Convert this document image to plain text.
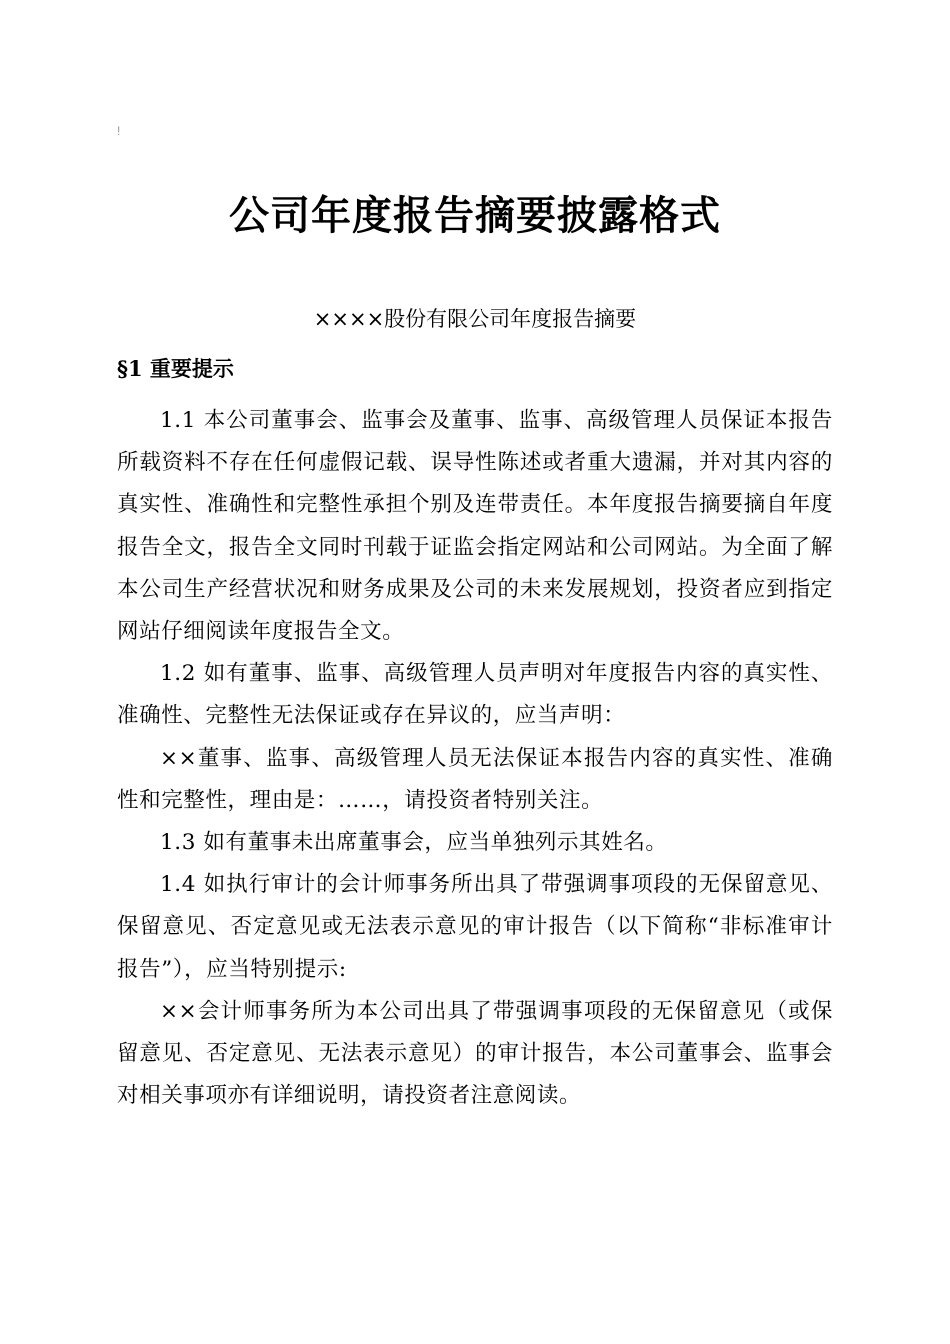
!
公司年度报告摘要披露格式
××××股份有限公司年度报告摘要
§1 重要提示

1.1 本公司董事会、监事会及董事、监事、高级管理人员保证本报告所载资料不存在任何虚假记载、误导性陈述或者重大遗漏，并对其内容的真实性、准确性和完整性承担个别及连带责任。本年度报告摘要摘自年度报告全文，报告全文同时刊载于证监会指定网站和公司网站。为全面了解本公司生产经营状况和财务成果及公司的未来发展规划，投资者应到指定网站仔细阅读年度报告全文。

1.2 如有董事、监事、高级管理人员声明对年度报告内容的真实性、准确性、完整性无法保证或存在异议的，应当声明：

××董事、监事、高级管理人员无法保证本报告内容的真实性、准确性和完整性，理由是：……，请投资者特别关注。

1.3 如有董事未出席董事会，应当单独列示其姓名。

1.4 如执行审计的会计师事务所出具了带强调事项段的无保留意见、保留意见、否定意见或无法表示意见的审计报告（以下简称“非标准审计报告”），应当特别提示:

××会计师事务所为本公司出具了带强调事项段的无保留意见（或保留意见、否定意见、无法表示意见）的审计报告，本公司董事会、监事会对相关事项亦有详细说明，请投资者注意阅读。
